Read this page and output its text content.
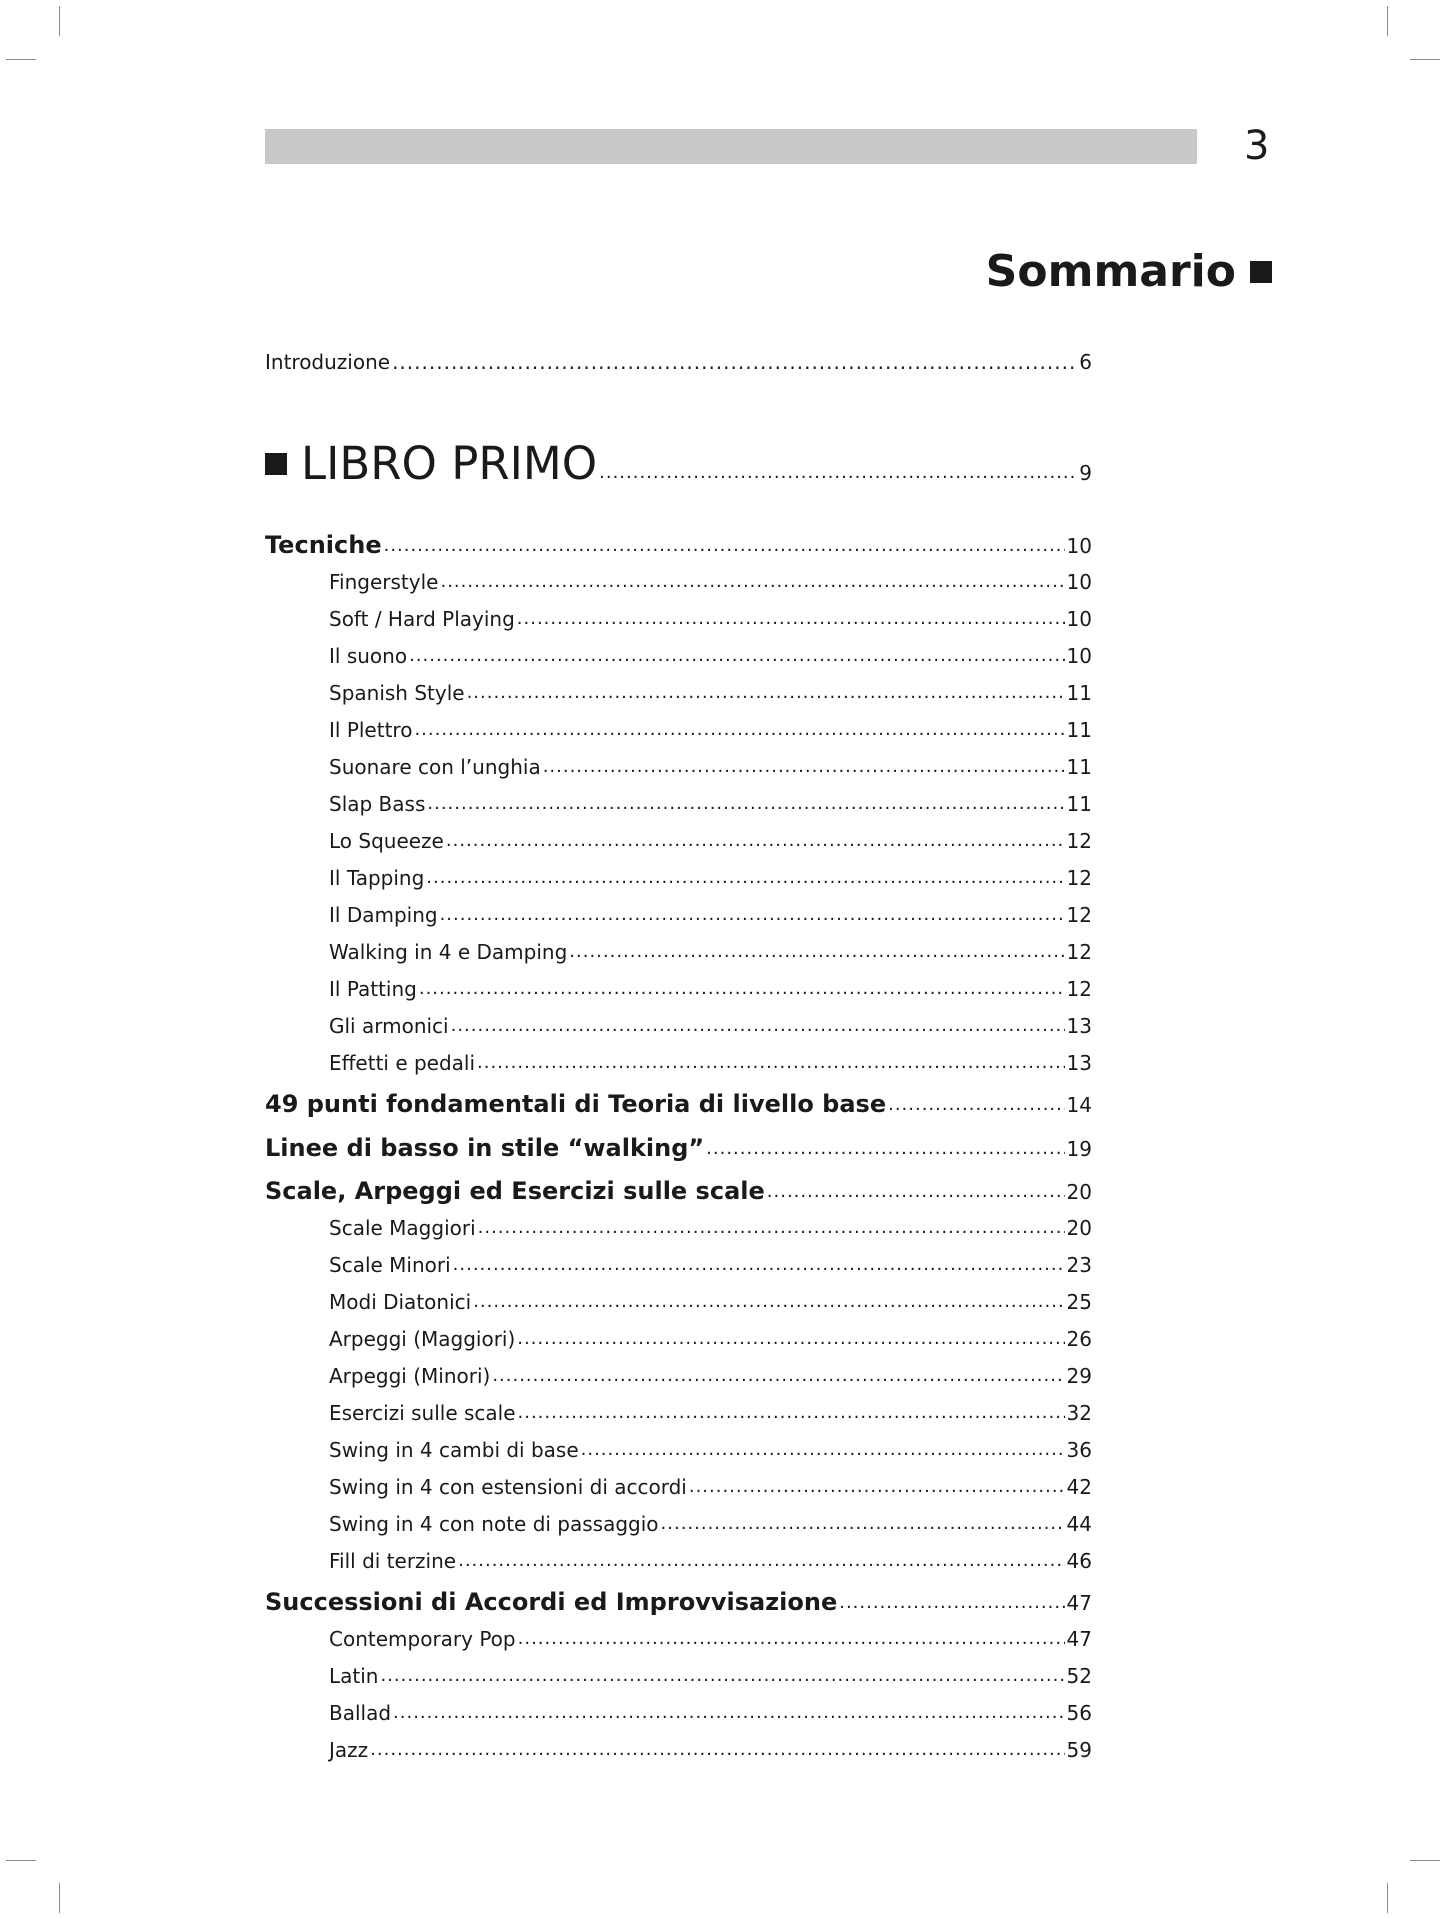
3
Sommario
Introduzione .....	6
LIBRO PRIMO .....	9
Tecniche .....	10
Fingerstyle .....	10
Soft / Hard Playing .....	10
Il suono .....	10
Spanish Style .....	11
Il Plettro .....	11
Suonare con l’unghia .....	11
Slap Bass .....	11
Lo Squeeze .....	12
Il Tapping .....	12
Il Damping .....	12
Walking in 4 e Damping .....	12
Il Patting .....	12
Gli armonici .....	13
Effetti e pedali .....	13
49 punti fondamentali di Teoria di livello base .....	14
Linee di basso in stile “walking” .....	19
Scale, Arpeggi ed Esercizi sulle scale .....	20
Scale Maggiori .....	20
Scale Minori .....	23
Modi Diatonici .....	25
Arpeggi (Maggiori) .....	26
Arpeggi (Minori) .....	29
Esercizi sulle scale .....	32
Swing in 4 cambi di base .....	36
Swing in 4 con estensioni di accordi .....	42
Swing in 4 con note di passaggio .....	44
Fill di terzine .....	46
Successioni di Accordi ed Improvvisazione .....	47
Contemporary Pop .....	47
Latin .....	52
Ballad .....	56
Jazz .....	59
